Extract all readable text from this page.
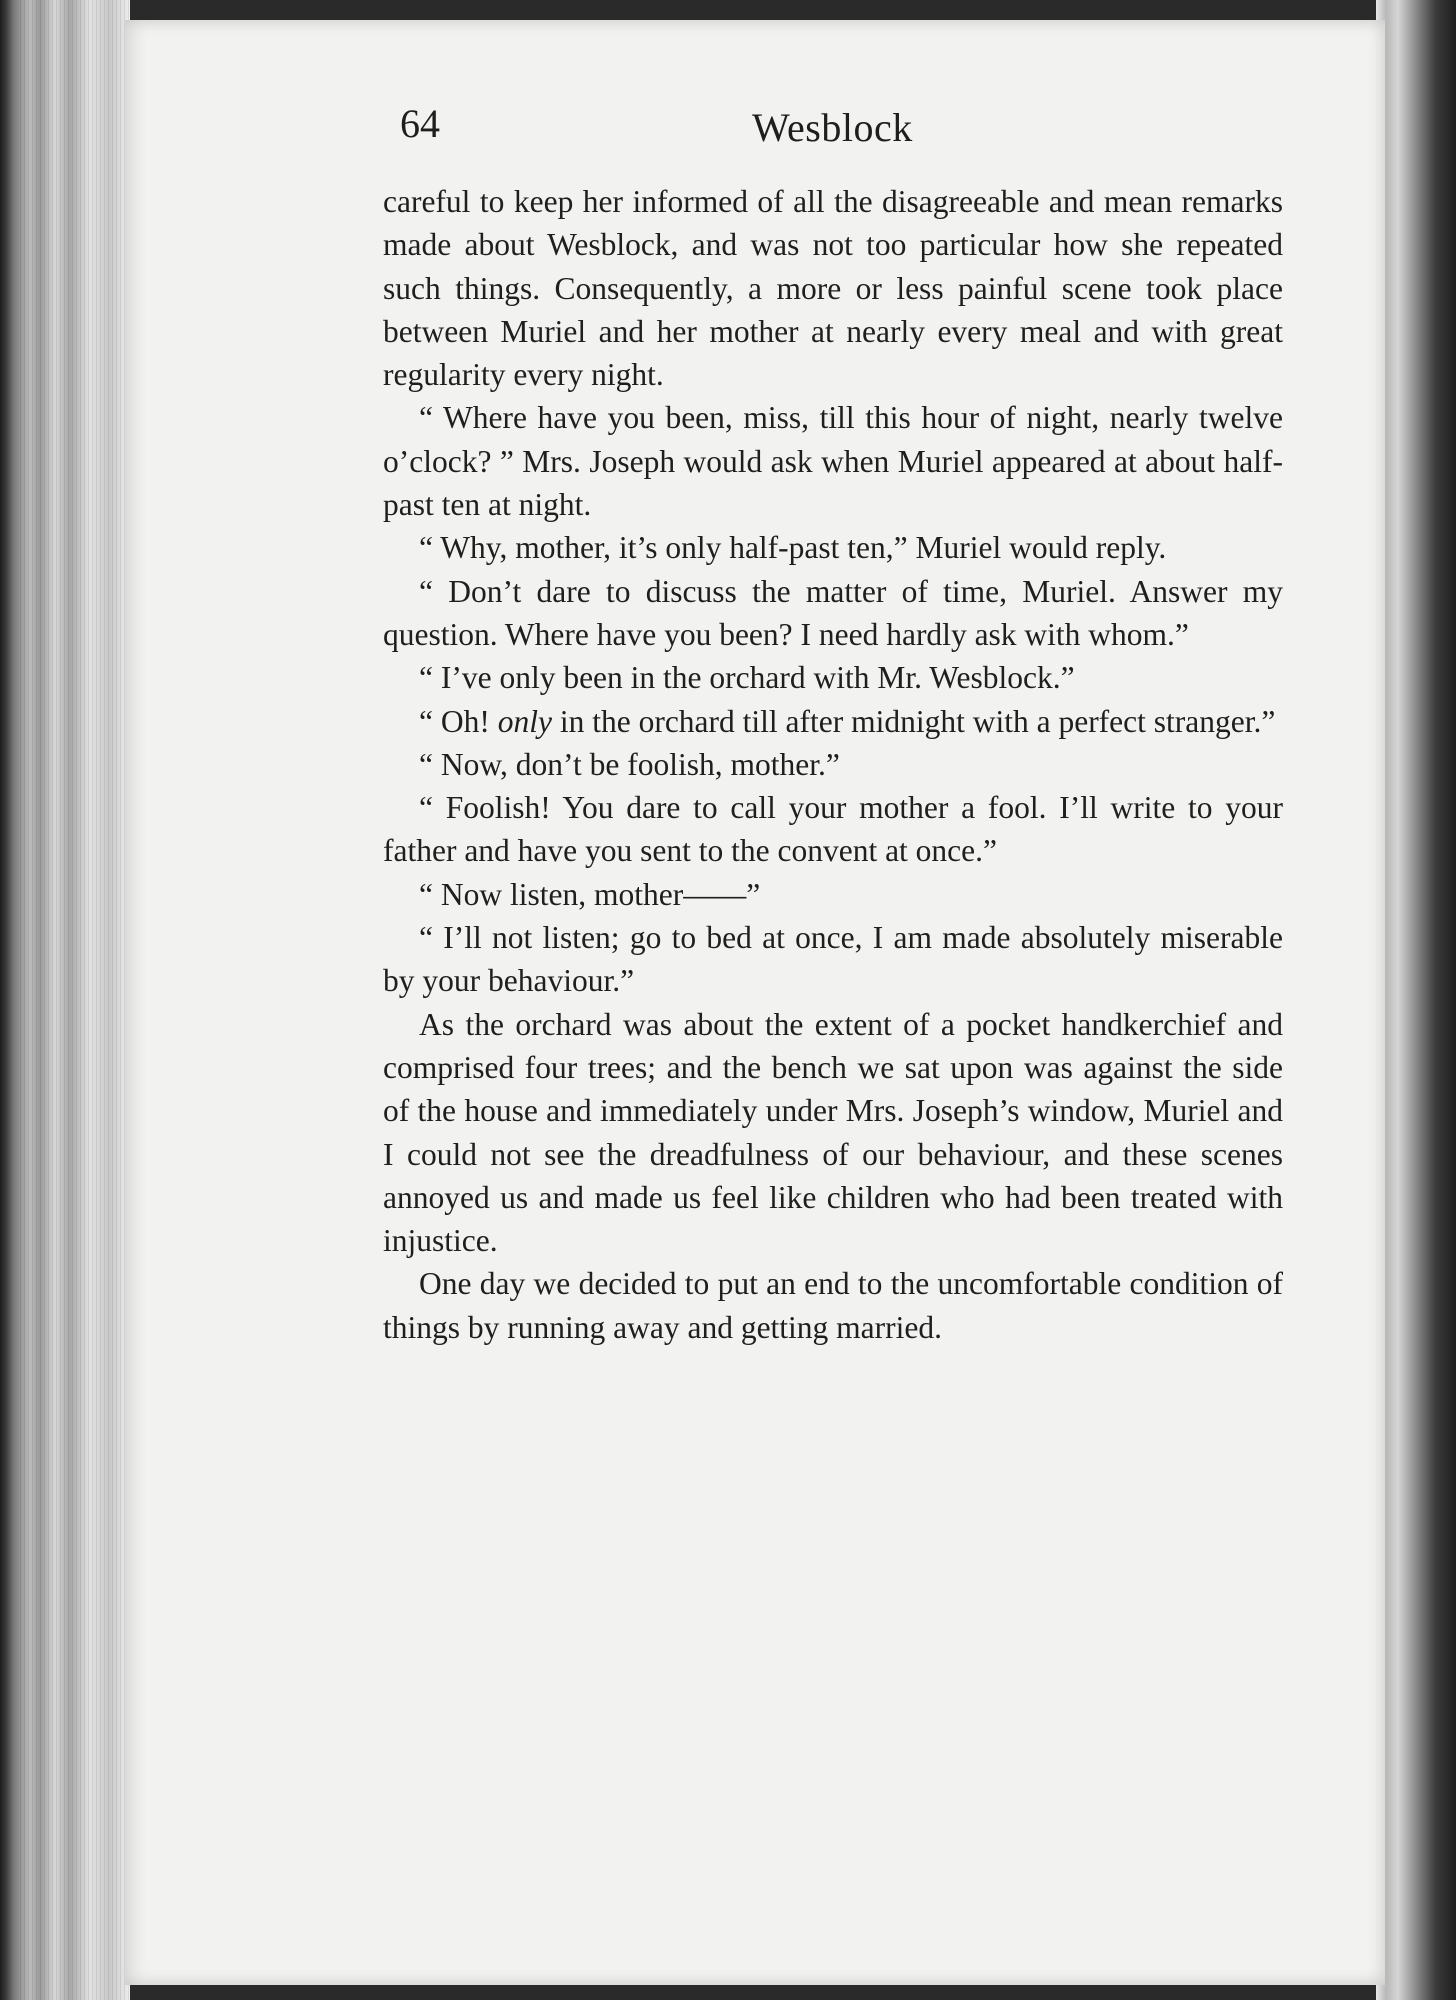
64	Wesblock

careful to keep her informed of all the disagreeable and mean remarks made about Wesblock, and was not too particular how she repeated such things. Consequently, a more or less painful scene took place between Muriel and her mother at nearly every meal and with great regularity every night.

“ Where have you been, miss, till this hour of night, nearly twelve o’clock? ” Mrs. Joseph would ask when Muriel appeared at about half-past ten at night.

“ Why, mother, it’s only half-past ten,” Muriel would reply.

“ Don’t dare to discuss the matter of time, Muriel. Answer my question. Where have you been? I need hardly ask with whom.”

“ I’ve only been in the orchard with Mr. Wesblock.”

“ Oh! only in the orchard till after midnight with a perfect stranger.”

“ Now, don’t be foolish, mother.”

“ Foolish! You dare to call your mother a fool. I’ll write to your father and have you sent to the convent at once.”

“ Now listen, mother——”

“ I’ll not listen; go to bed at once, I am made absolutely miserable by your behaviour.”

As the orchard was about the extent of a pocket handkerchief and comprised four trees; and the bench we sat upon was against the side of the house and immediately under Mrs. Joseph’s window, Muriel and I could not see the dreadfulness of our behaviour, and these scenes annoyed us and made us feel like children who had been treated with injustice.

One day we decided to put an end to the uncomfortable condition of things by running away and getting married.
